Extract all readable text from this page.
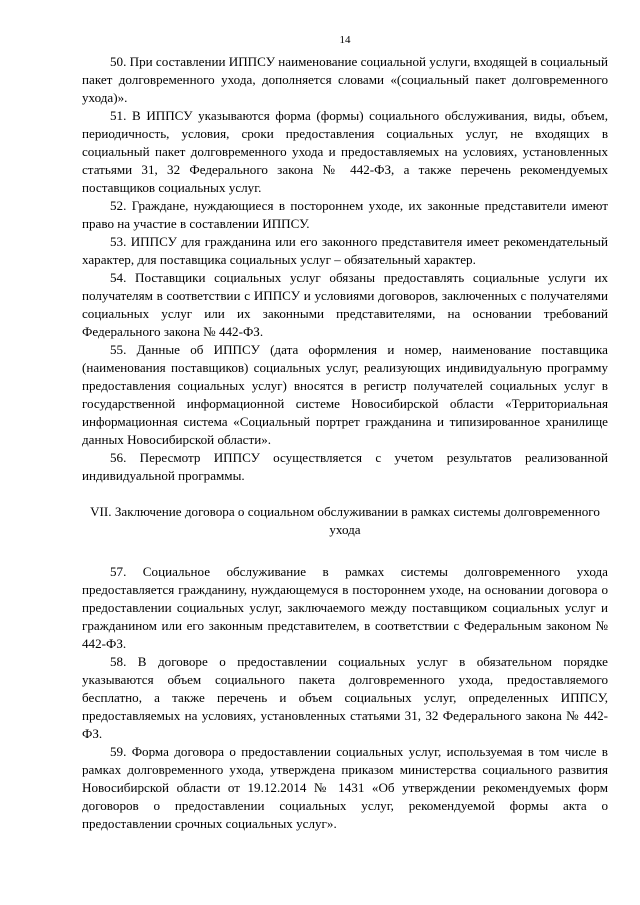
14

50. При составлении ИППСУ наименование социальной услуги, входящей в социальный пакет долговременного ухода, дополняется словами «(социальный пакет долговременного ухода)».

51. В ИППСУ указываются форма (формы) социального обслуживания, виды, объем, периодичность, условия, сроки предоставления социальных услуг, не входящих в социальный пакет долговременного ухода и предоставляемых на условиях, установленных статьями 31, 32 Федерального закона № 442-ФЗ, а также перечень рекомендуемых поставщиков социальных услуг.

52. Граждане, нуждающиеся в постороннем уходе, их законные представители имеют право на участие в составлении ИППСУ.

53. ИППСУ для гражданина или его законного представителя имеет рекомендательный характер, для поставщика социальных услуг – обязательный характер.

54. Поставщики социальных услуг обязаны предоставлять социальные услуги их получателям в соответствии с ИППСУ и условиями договоров, заключенных с получателями социальных услуг или их законными представителями, на основании требований Федерального закона № 442-ФЗ.

55. Данные об ИППСУ (дата оформления и номер, наименование поставщика (наименования поставщиков) социальных услуг, реализующих индивидуальную программу предоставления социальных услуг) вносятся в регистр получателей социальных услуг в государственной информационной системе Новосибирской области «Территориальная информационная система «Социальный портрет гражданина и типизированное хранилище данных Новосибирской области».

56. Пересмотр ИППСУ осуществляется с учетом результатов реализованной индивидуальной программы.

VII. Заключение договора о социальном обслуживании в рамках системы долговременного ухода

57. Социальное обслуживание в рамках системы долговременного ухода предоставляется гражданину, нуждающемуся в постороннем уходе, на основании договора о предоставлении социальных услуг, заключаемого между поставщиком социальных услуг и гражданином или его законным представителем, в соответствии с Федеральным законом № 442-ФЗ.

58. В договоре о предоставлении социальных услуг в обязательном порядке указываются объем социального пакета долговременного ухода, предоставляемого бесплатно, а также перечень и объем социальных услуг, определенных ИППСУ, предоставляемых на условиях, установленных статьями 31, 32 Федерального закона № 442-ФЗ.

59. Форма договора о предоставлении социальных услуг, используемая в том числе в рамках долговременного ухода, утверждена приказом министерства социального развития Новосибирской области от 19.12.2014 № 1431 «Об утверждении рекомендуемых форм договоров о предоставлении социальных услуг, рекомендуемой формы акта о предоставлении срочных социальных услуг».
